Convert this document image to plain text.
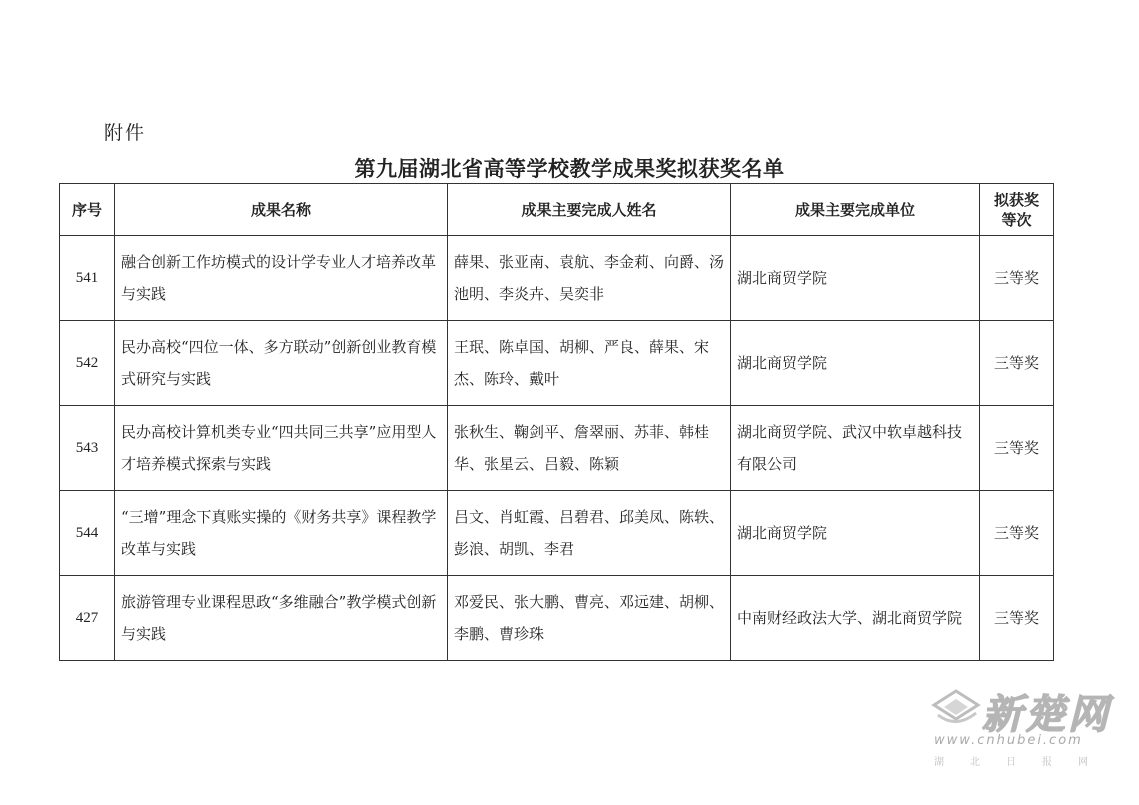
附件
第九届湖北省高等学校教学成果奖拟获奖名单
序号	成果名称	成果主要完成人姓名	成果主要完成单位	拟获奖
等次
541	融合创新工作坊模式的设计学专业人才培养改革与实践	薛果、张亚南、袁航、李金莉、向爵、汤池明、李炎卉、吴奕非	湖北商贸学院	三等奖
542	民办高校“四位一体、多方联动”创新创业教育模式研究与实践	王珉、陈卓国、胡柳、严良、薛果、宋杰、陈玲、戴叶	湖北商贸学院	三等奖
543	民办高校计算机类专业“四共同三共享”应用型人才培养模式探索与实践	张秋生、鞠剑平、詹翠丽、苏菲、韩桂华、张星云、吕毅、陈颖	湖北商贸学院、武汉中软卓越科技有限公司	三等奖
544	“三增”理念下真账实操的《财务共享》课程教学改革与实践	吕文、肖虹霞、吕碧君、邱美凤、陈轶、彭浪、胡凯、李君	湖北商贸学院	三等奖
427	旅游管理专业课程思政“多维融合”教学模式创新与实践	邓爱民、张大鹏、曹亮、邓远建、胡柳、李鹏、曹珍珠	中南财经政法大学、湖北商贸学院	三等奖
新楚网
www.cnhubei.com
湖北日报网
